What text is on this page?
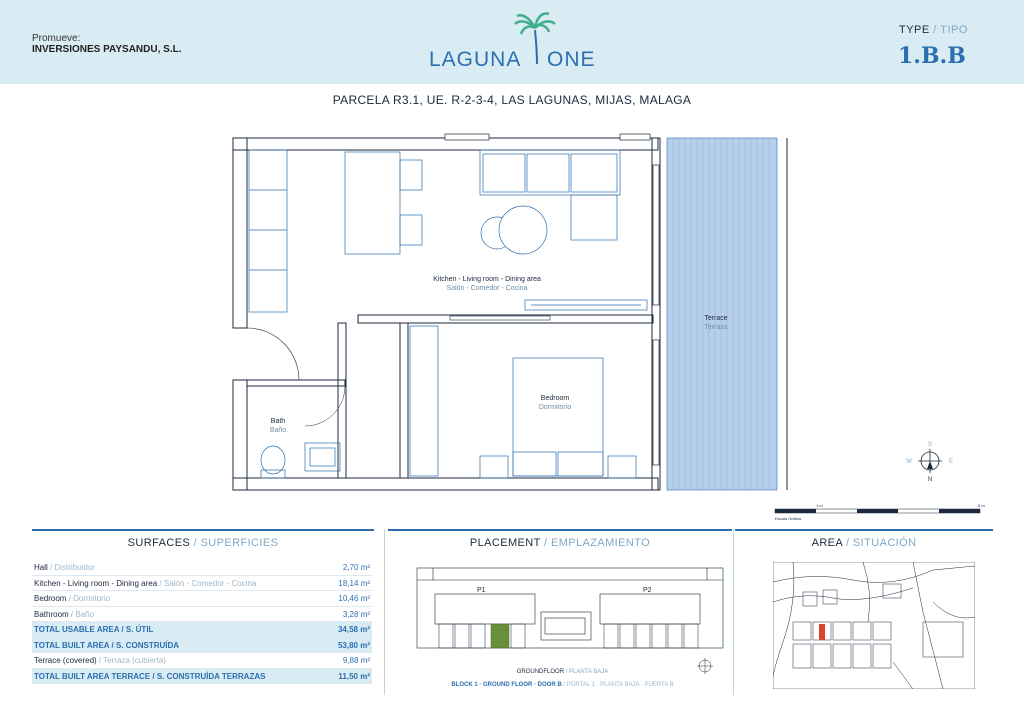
Promueve:
INVERSIONES PAYSANDU, S.L.	LAGUNA ONE
TYPE / TIPO
1.B.B
PARCELA R3.1, UE. R-2-3-4, LAS LAGUNAS, MIJAS, MALAGA
Kitchen - Living room - Dining area
Salón - Comedor - Cocina
Bedroom
Dormitorio
Bath
Baño
Terrace
Terraza
S
N
W	E
1 m	5 m
Escala Gráfica
SURFACES / SUPERFICIES	PLACEMENT / EMPLAZAMIENTO	AREA / SITUACIÓN
Hall / Distribuidor	2,70 m²
Kitchen - Living room - Dining area / Salón - Comedor - Cocina	18,14 m²
Bedroom / Dormitorio	10,46 m²
Bathroom / Baño	3,28 m²
TOTAL USABLE AREA / S. ÚTIL	34,58 m²
TOTAL BUILT AREA / S. CONSTRUÍDA	53,80 m²
Terrace (covered) / Terraza (cubierta)	9,88 m²
TOTAL BUILT AREA TERRACE / S. CONSTRUÍDA TERRAZAS	11,50 m²
P1	P2
GROUNDFLOOR / PLANTA BAJA
BLOCK 1 · GROUND FLOOR · DOOR B / PORTAL 1 · PLANTA BAJA · PUERTA B
